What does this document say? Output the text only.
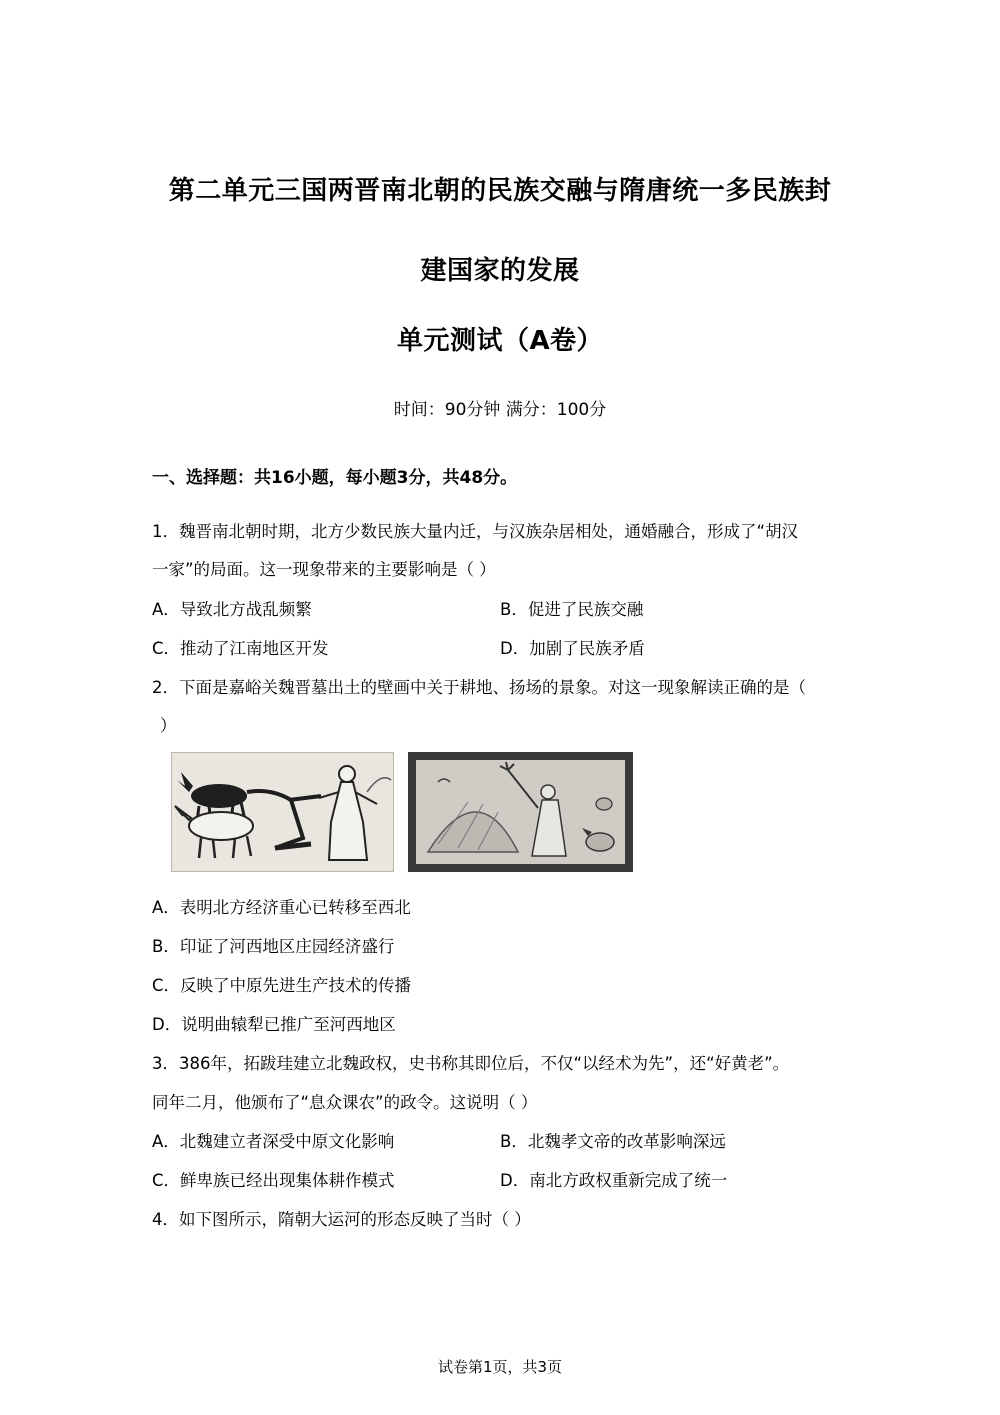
第二单元三国两晋南北朝的民族交融与隋唐统一多民族封
建国家的发展
单元测试（A卷）
时间：90分钟 满分：100分
一、选择题：共16小题，每小题3分，共48分。
1．魏晋南北朝时期，北方少数民族大量内迁，与汉族杂居相处，通婚融合，形成了“胡汉
一家”的局面。这一现象带来的主要影响是（ ）
A．导致北方战乱频繁	B．促进了民族交融
C．推动了江南地区开发	D．加剧了民族矛盾
2．下面是嘉峪关魏晋墓出土的壁画中关于耕地、扬场的景象。对这一现象解读正确的是（
）
A．表明北方经济重心已转移至西北
B．印证了河西地区庄园经济盛行
C．反映了中原先进生产技术的传播
D．说明曲辕犁已推广至河西地区
3．386年，拓跋珪建立北魏政权，史书称其即位后，不仅“以经术为先”，还“好黄老”。
同年二月，他颁布了“息众课农”的政令。这说明（ ）
A．北魏建立者深受中原文化影响	B．北魏孝文帝的改革影响深远
C．鲜卑族已经出现集体耕作模式	D．南北方政权重新完成了统一
4．如下图所示，隋朝大运河的形态反映了当时（ ）
试卷第1页，共3页
